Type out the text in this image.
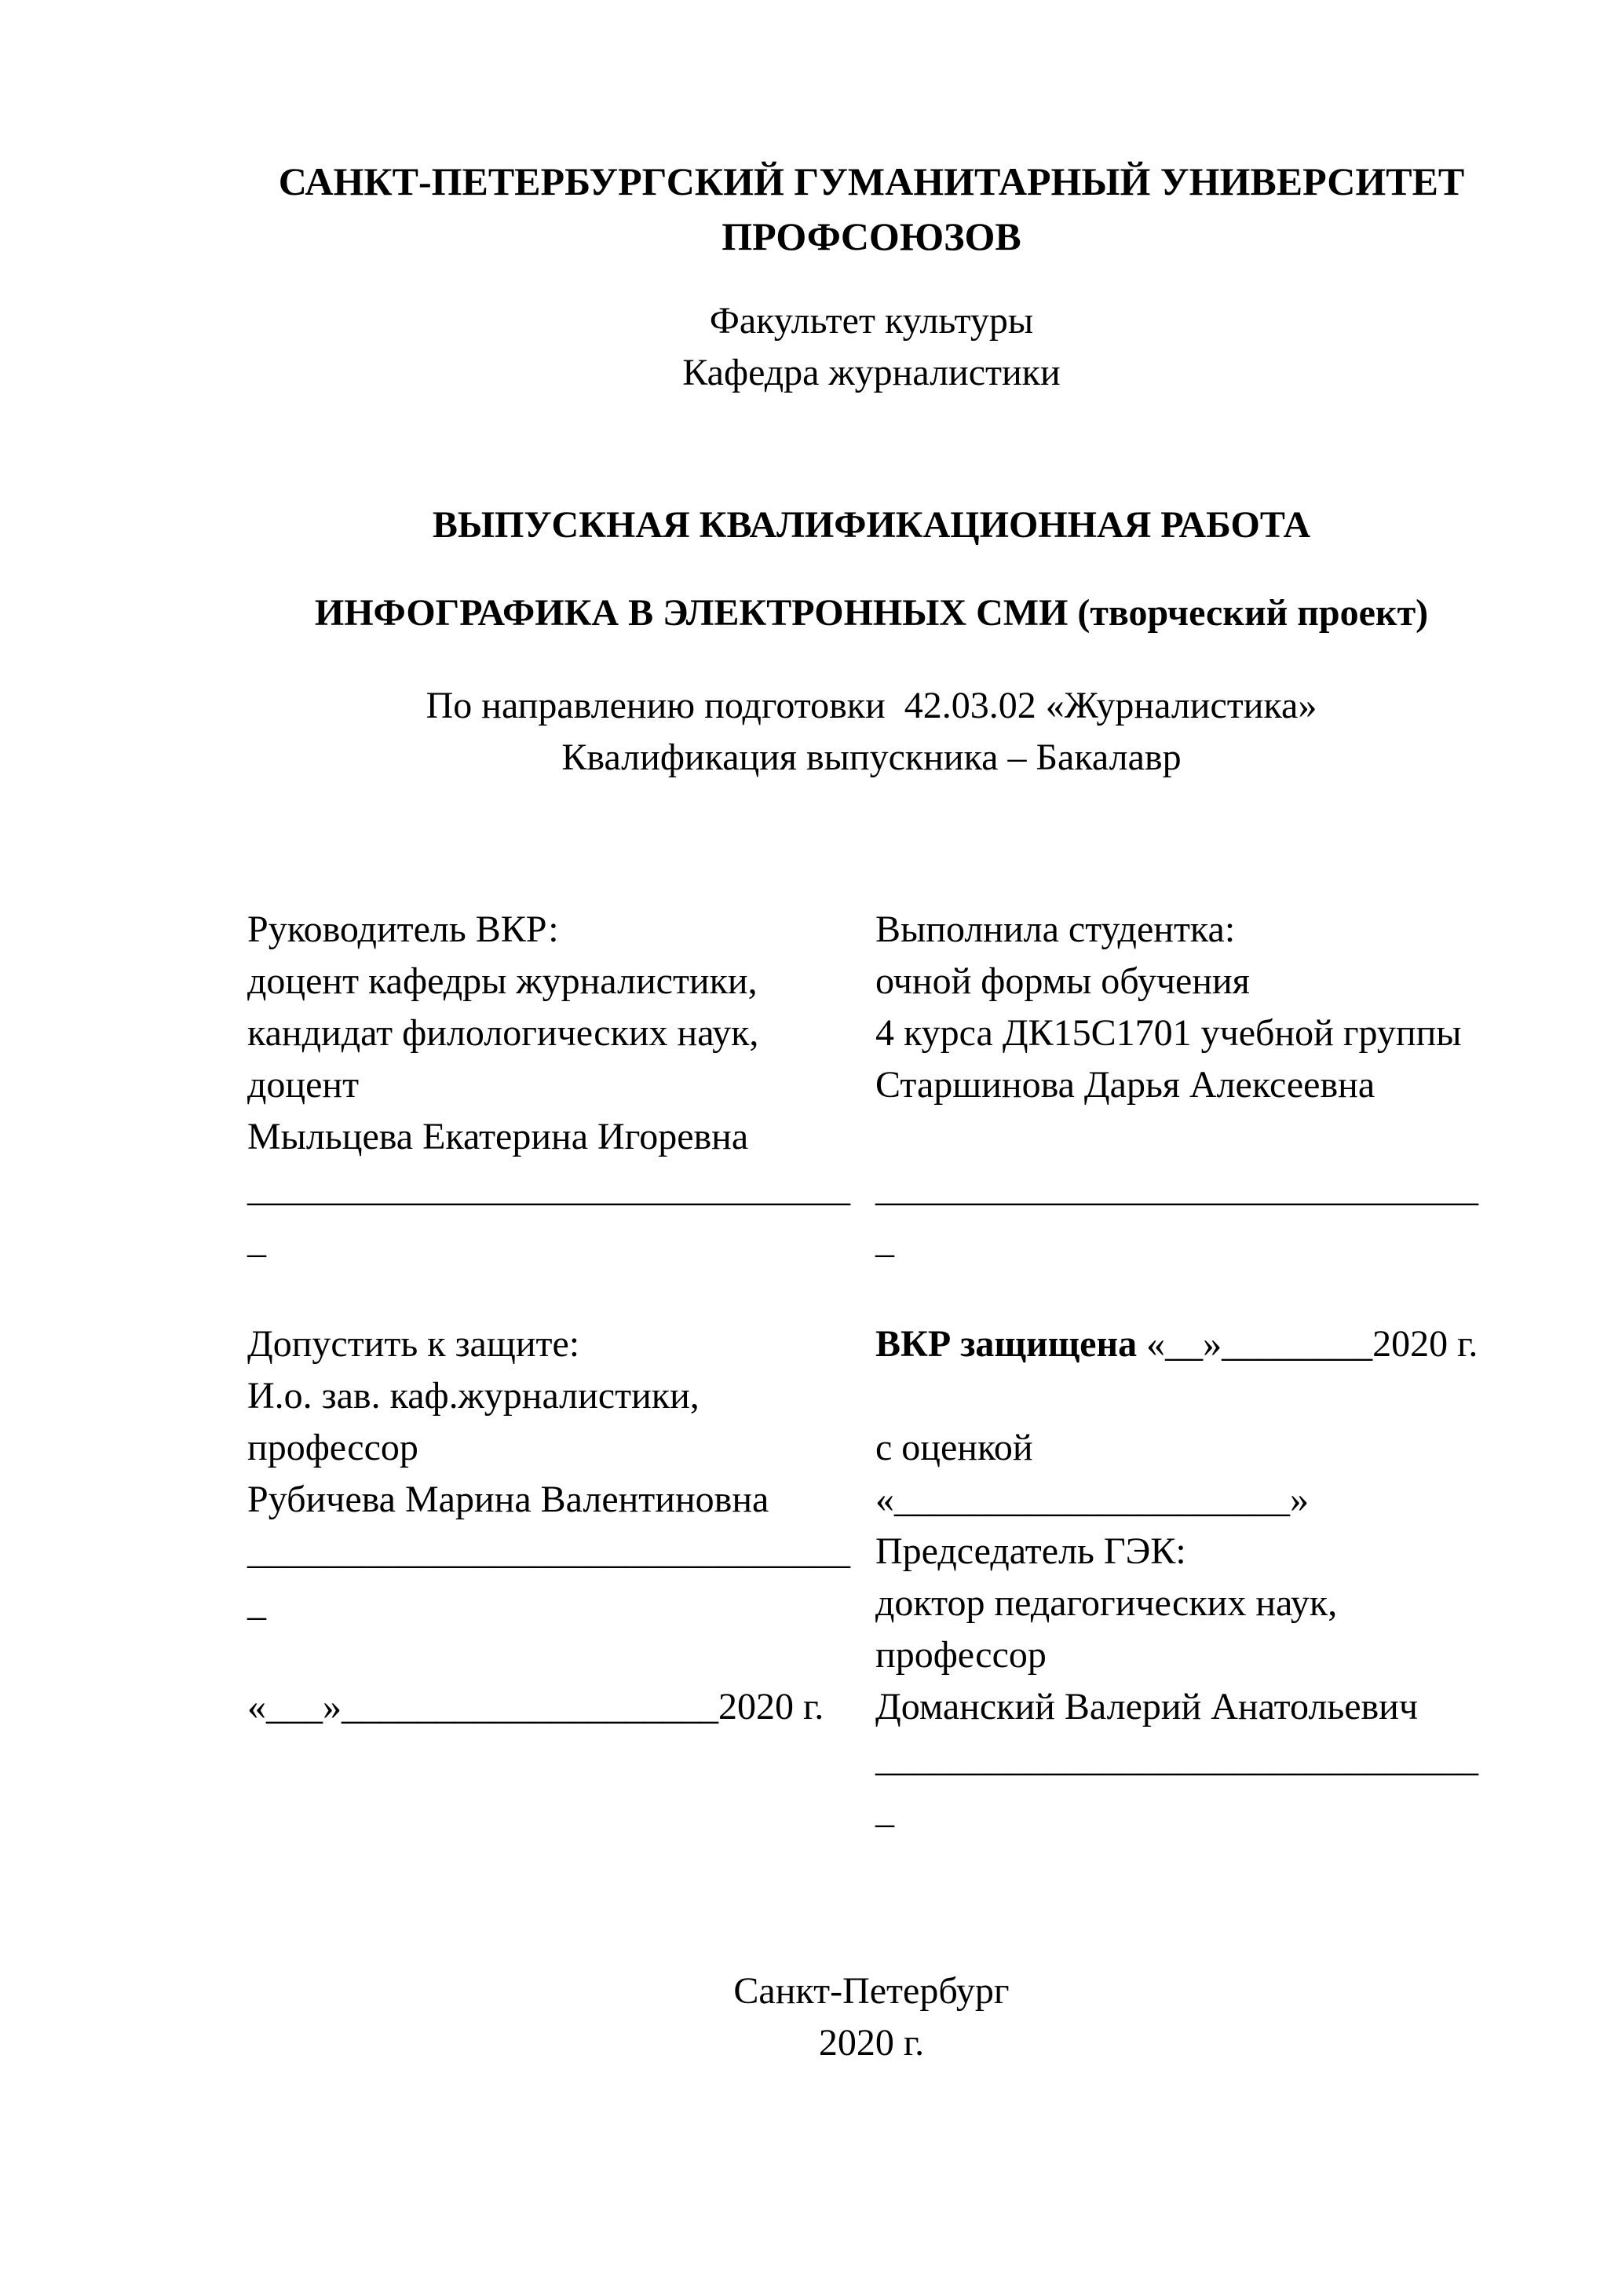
САНКТ-ПЕТЕРБУРГСКИЙ ГУМАНИТАРНЫЙ УНИВЕРСИТЕТ
ПРОФСОЮЗОВ
Факультет культуры
Кафедра журналистики
ВЫПУСКНАЯ КВАЛИФИКАЦИОННАЯ РАБОТА
ИНФОГРАФИКА В ЭЛЕКТРОННЫХ СМИ (творческий проект)
По направлению подготовки  42.03.02 «Журналистика»
Квалификация выпускника – Бакалавр
Руководитель ВКР:
доцент кафедры журналистики,
кандидат филологических наук,
доцент
Мыльцева Екатерина Игоревна
________________________________
_
Допустить к защите:
И.о. зав. каф.журналистики,
профессор
Рубичева Марина Валентиновна
________________________________
_
«___»____________________2020 г.
Выполнила студентка:
очной формы обучения
4 курса ДК15С1701 учебной группы
Старшинова Дарья Алексеевна
________________________________
_
ВКР защищена «__»________2020 г.
с оценкой
«_____________________»
Председатель ГЭК:
доктор педагогических наук,
профессор
Доманский Валерий Анатольевич
________________________________
_
Санкт-Петербург
2020 г.
